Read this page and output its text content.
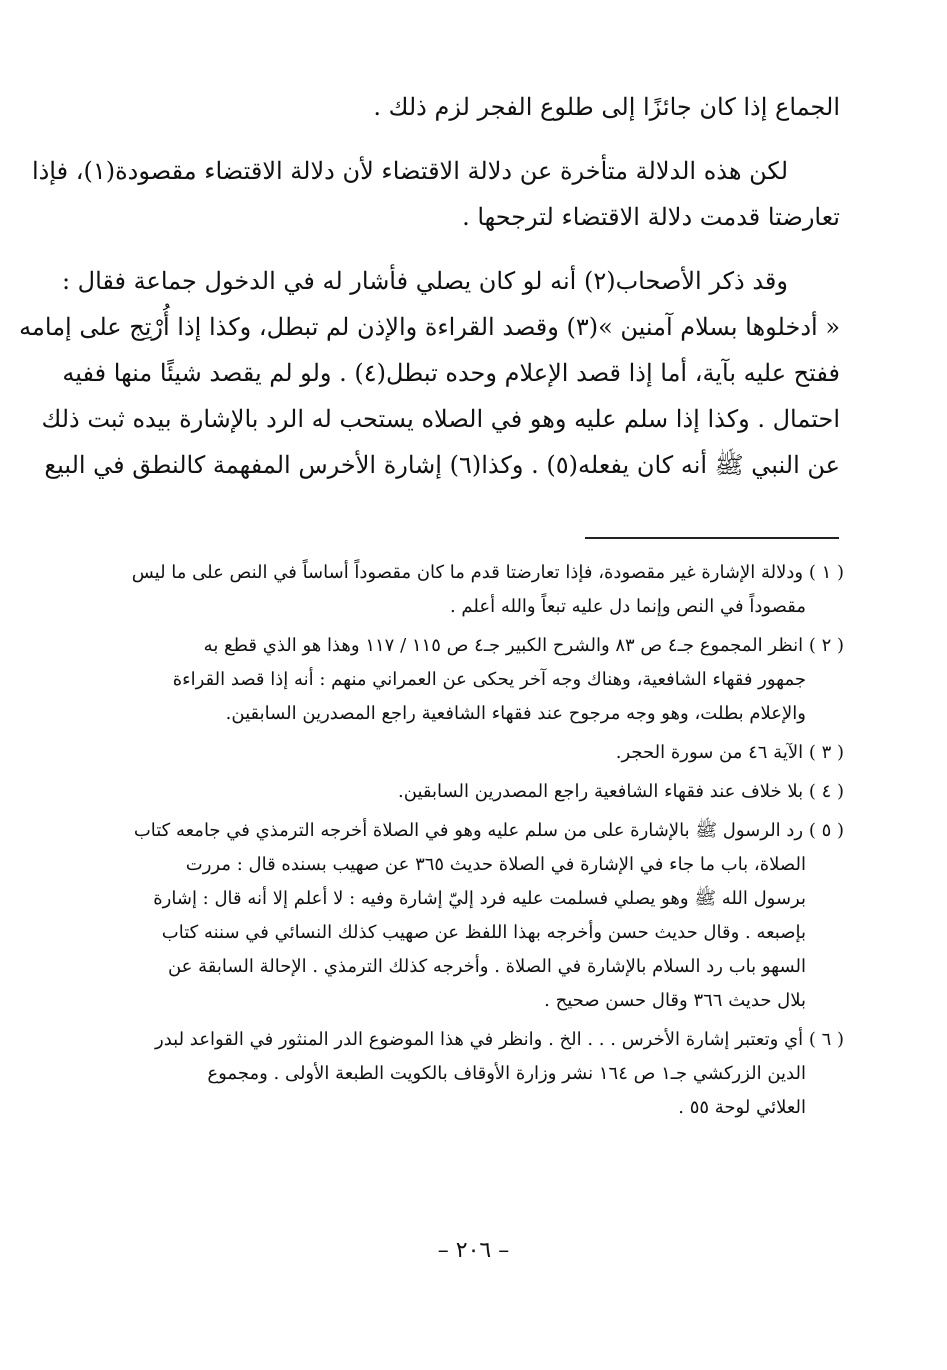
الجماع إذا كان جائزًا إلى طلوع الفجر لزم ذلك .
لكن هذه الدلالة متأخرة عن دلالة الاقتضاء لأن دلالة الاقتضاء مقصودة(١)، فإذا
تعارضتا قدمت دلالة الاقتضاء لترجحها .
وقد ذكر الأصحاب(٢) أنه لو كان يصلي فأشار له في الدخول جماعة فقال :
« أدخلوها بسلام آمنين »(٣) وقصد القراءة والإذن لم تبطل، وكذا إذا أُرْتِج على إمامه
ففتح عليه بآية، أما إذا قصد الإعلام وحده تبطل(٤) . ولو لم يقصد شيئًا منها ففيه
احتمال . وكذا إذا سلم عليه وهو في الصلاه يستحب له الرد بالإشارة بيده ثبت ذلك
عن النبي ﷺ أنه كان يفعله(٥) . وكذا(٦) إشارة الأخرس المفهمة كالنطق في البيع
( ١ ) ودلالة الإشارة غير مقصودة، فإذا تعارضتا قدم ما كان مقصوداً أساساً في النص على ما ليس
مقصوداً في النص وإنما دل عليه تبعاً والله أعلم .
( ٢ ) انظر المجموع جـ٤ ص ٨٣ والشرح الكبير جـ٤ ص ١١٥ / ١١٧ وهذا هو الذي قطع به
جمهور فقهاء الشافعية، وهناك وجه آخر يحكى عن العمراني منهم : أنه إذا قصد القراءة
والإعلام بطلت، وهو وجه مرجوح عند فقهاء الشافعية راجع المصدرين السابقين.
( ٣ ) الآية ٤٦ من سورة الحجر.
( ٤ ) بلا خلاف عند فقهاء الشافعية راجع المصدرين السابقين.
( ٥ ) رد الرسول ﷺ بالإشارة على من سلم عليه وهو في الصلاة أخرجه الترمذي في جامعه كتاب
الصلاة، باب ما جاء في الإشارة في الصلاة حديث ٣٦٥ عن صهيب بسنده قال : مررت
برسول الله ﷺ وهو يصلي فسلمت عليه فرد إليّ إشارة وفيه : لا أعلم إلا أنه قال : إشارة
بإصبعه . وقال حديث حسن وأخرجه بهذا اللفظ عن صهيب كذلك النسائي في سننه كتاب
السهو باب رد السلام بالإشارة في الصلاة . وأخرجه كذلك الترمذي . الإحالة السابقة عن
بلال حديث ٣٦٦ وقال حسن صحيح .
( ٦ ) أي وتعتبر إشارة الأخرس . . . الخ . وانظر في هذا الموضوع الدر المنثور في القواعد لبدر
الدين الزركشي جـ١ ص ١٦٤ نشر وزارة الأوقاف بالكويت الطبعة الأولى . ومجموع
العلائي لوحة ٥٥ .
– ٢٠٦ –
